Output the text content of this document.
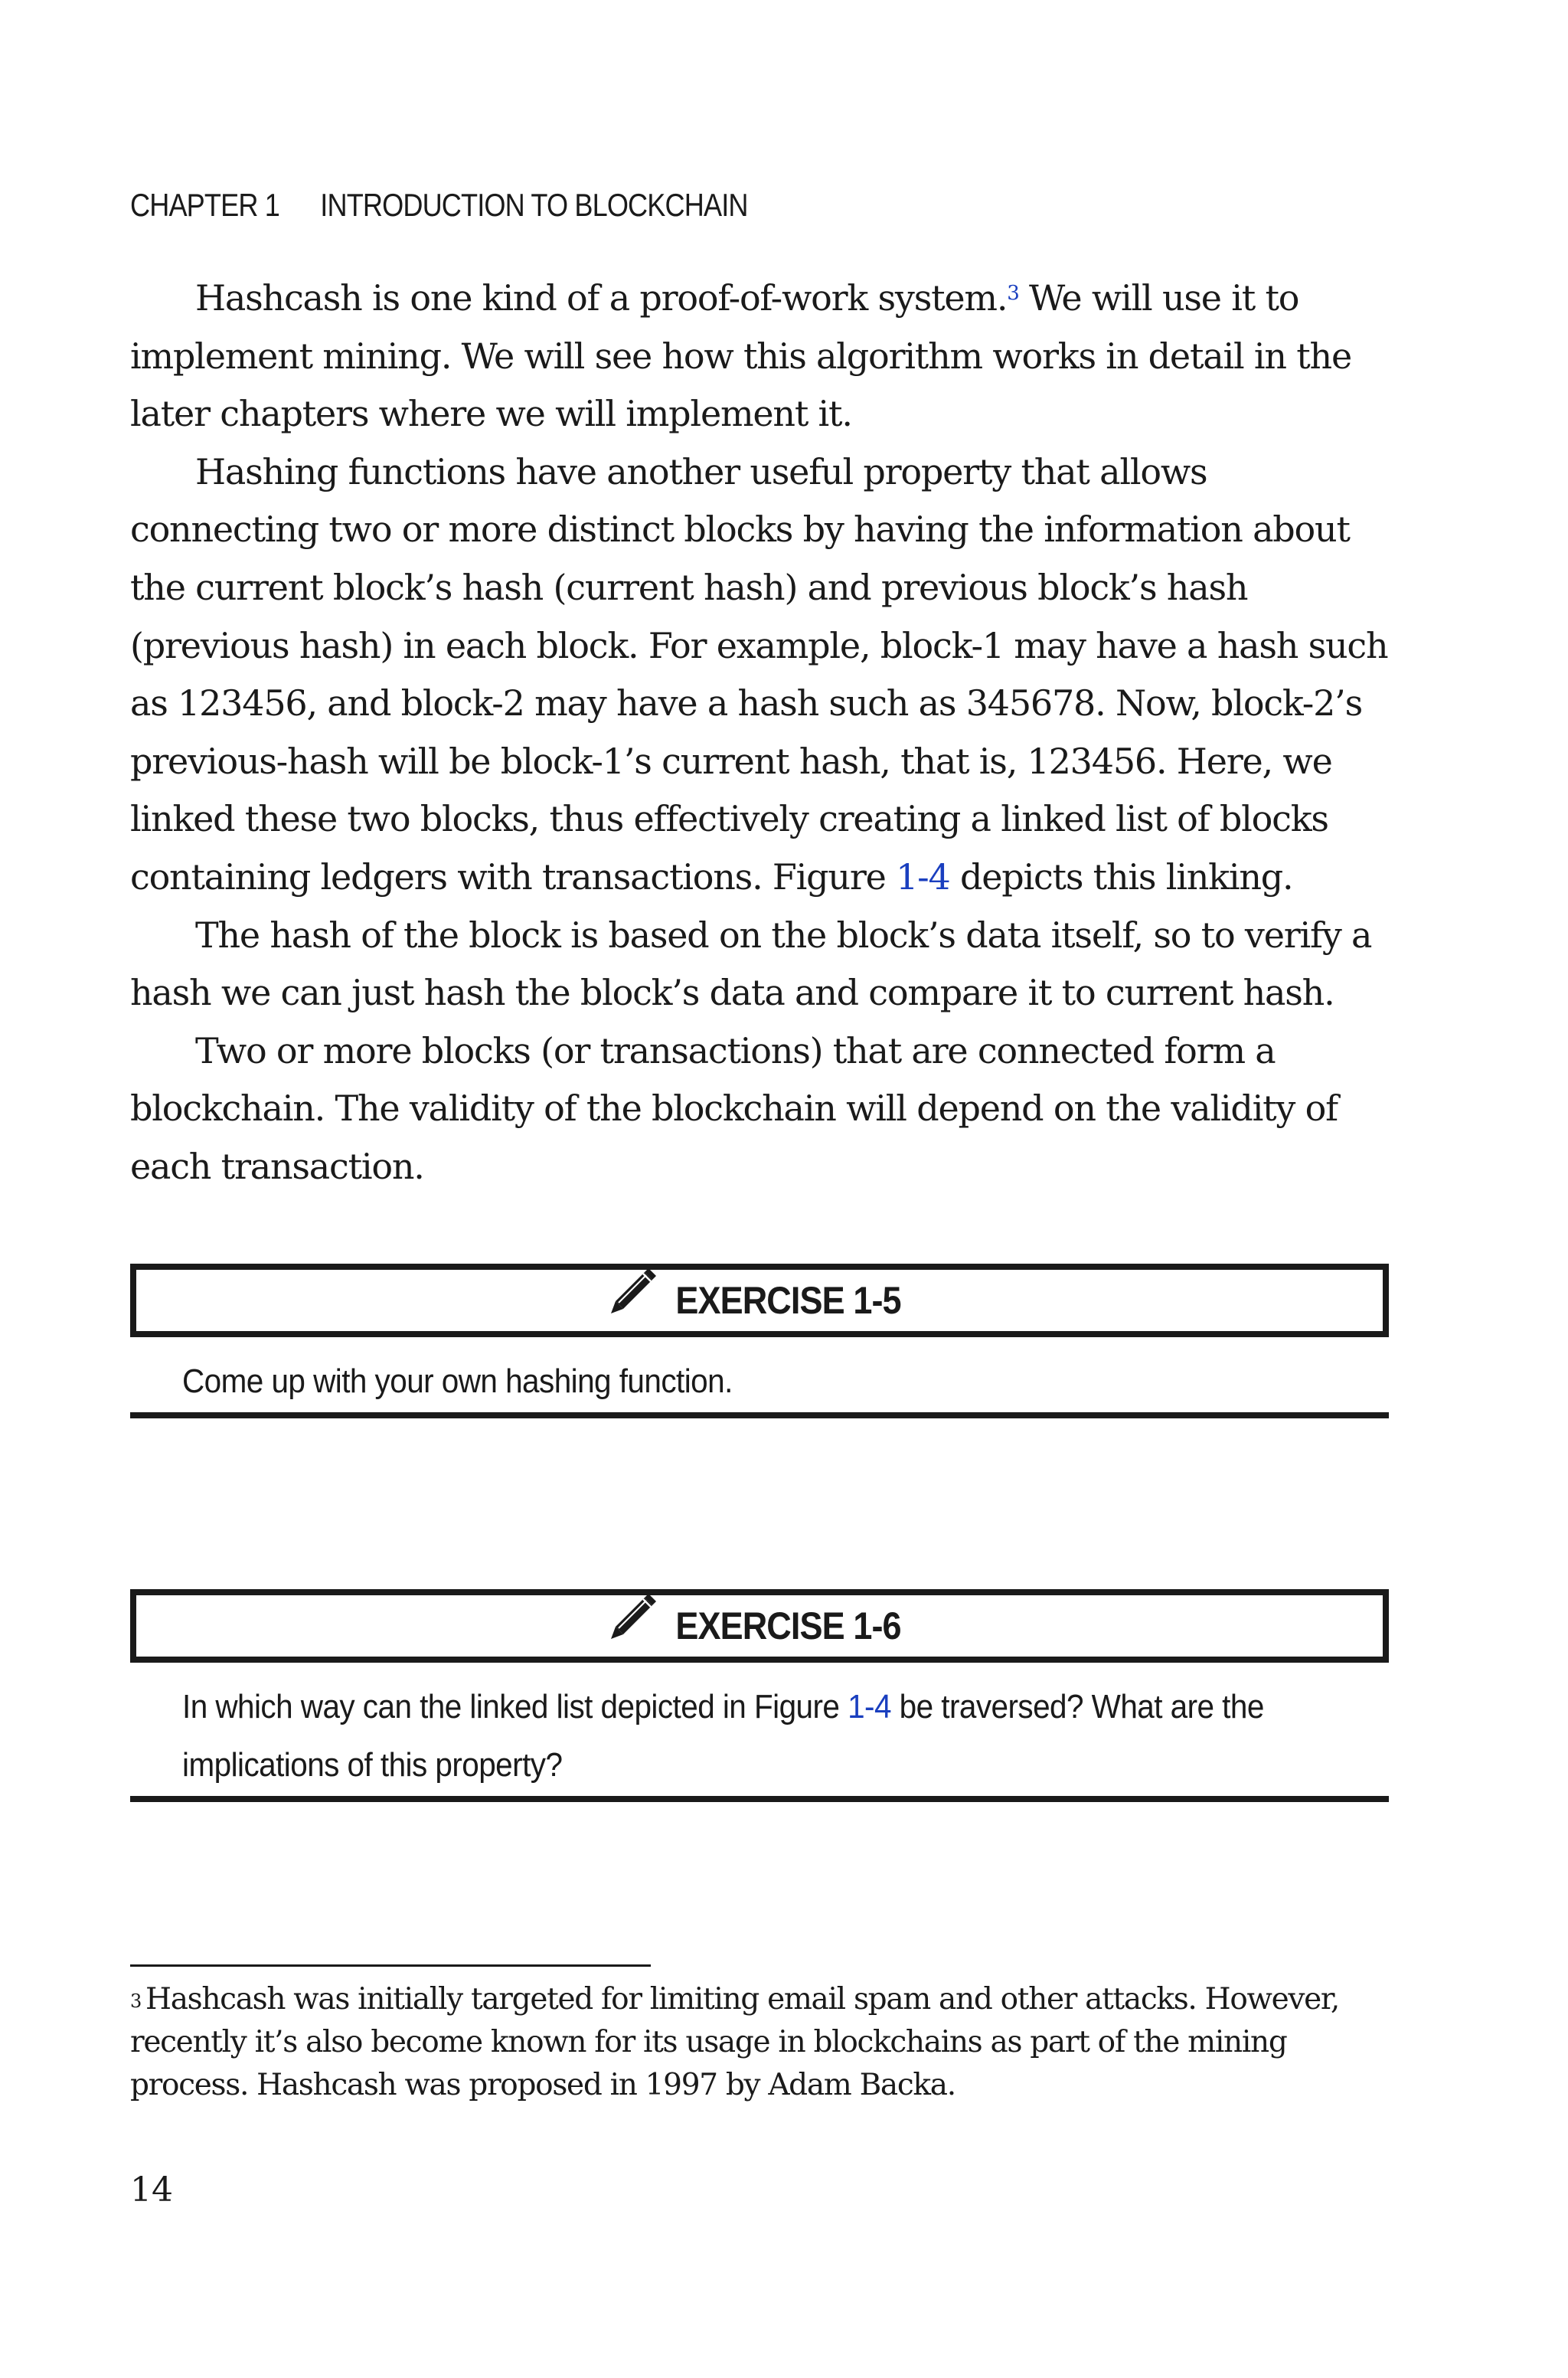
CHAPTER 1 INTRODUCTION TO BLOCKCHAIN

Hashcash is one kind of a proof-of-work system.$^3$ We will use it to implement mining. We will see how this algorithm works in detail in the later chapters where we will implement it.

Hashing functions have another useful property that allows connecting two or more distinct blocks by having the information about the current block’s hash (current hash) and previous block’s hash (previous hash) in each block. For example, block-1 may have a hash such as 123456, and block-2 may have a hash such as 345678. Now, block-2’s previous-hash will be block-1’s current hash, that is, 123456. Here, we linked these two blocks, thus effectively creating a linked list of blocks containing ledgers with transactions. Figure 1-4 depicts this linking.

The hash of the block is based on the block’s data itself, so to verify a hash we can just hash the block’s data and compare it to current hash.

Two or more blocks (or transactions) that are connected form a blockchain. The validity of the blockchain will depend on the validity of each transaction.

EXERCISE 1-5
Come up with your own hashing function.
EXERCISE 1-6
In which way can the linked list depicted in Figure 1-4 be traversed? What are the implications of this property?
$^3$ Hashcash was initially targeted for limiting email spam and other attacks. However, recently it’s also become known for its usage in blockchains as part of the mining process. Hashcash was proposed in 1997 by Adam Backa.
14
